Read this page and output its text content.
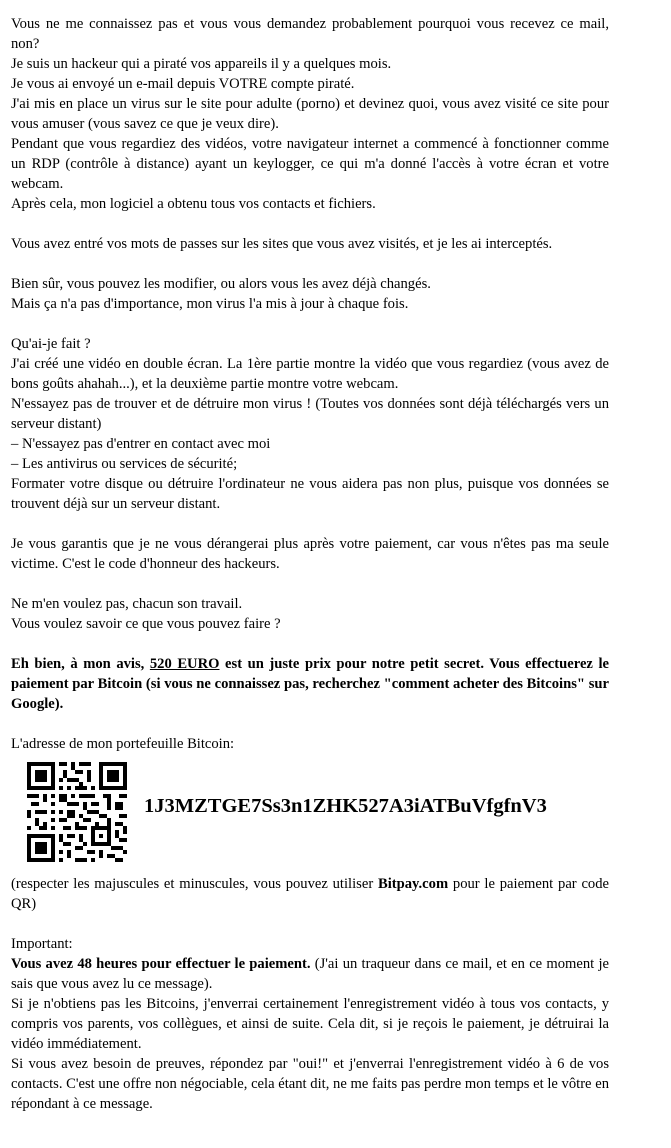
Vous ne me connaissez pas et vous vous demandez probablement pourquoi vous recevez ce mail, non?

Je suis un hackeur qui a piraté vos appareils il y a quelques mois.

Je vous ai envoyé un e-mail depuis VOTRE compte piraté.

J'ai mis en place un virus sur le site pour adulte (porno) et devinez quoi, vous avez visité ce site pour vous amuser (vous savez ce que je veux dire).

Pendant que vous regardiez des vidéos, votre navigateur internet a commencé à fonctionner comme un RDP (contrôle à distance) ayant un keylogger, ce qui m'a donné l'accès à votre écran et votre webcam.

Après cela, mon logiciel a obtenu tous vos contacts et fichiers.

Vous avez entré vos mots de passes sur les sites que vous avez visités, et je les ai interceptés.

Bien sûr, vous pouvez les modifier, ou alors vous les avez déjà changés.

Mais ça n'a pas d'importance, mon virus l'a mis à jour à chaque fois.

Qu'ai-je fait ?

J'ai créé une vidéo en double écran. La 1ère partie montre la vidéo que vous regardiez (vous avez de bons goûts ahahah...), et la deuxième partie montre votre webcam.

N'essayez pas de trouver et de détruire mon virus ! (Toutes vos données sont déjà téléchargés vers un serveur distant)

– N'essayez pas d'entrer en contact avec moi

– Les antivirus ou services de sécurité;

Formater votre disque ou détruire l'ordinateur ne vous aidera pas non plus, puisque vos données se trouvent déjà sur un serveur distant.

Je vous garantis que je ne vous dérangerai plus après votre paiement, car vous n'êtes pas ma seule victime. C'est le code d'honneur des hackeurs.

Ne m'en voulez pas, chacun son travail.

Vous voulez savoir ce que vous pouvez faire ?

Eh bien, à mon avis, 520 EURO est un juste prix pour notre petit secret. Vous effectuerez le paiement par Bitcoin (si vous ne connaissez pas, recherchez "comment acheter des Bitcoins" sur Google).

L'adresse de mon portefeuille Bitcoin:

1J3MZTGE7Ss3n1ZHK527A3iATBuVfgfnV3

(respecter les majuscules et minuscules, vous pouvez utiliser Bitpay.com pour le paiement par code QR)

Important:

Vous avez 48 heures pour effectuer le paiement. (J'ai un traqueur dans ce mail, et en ce moment je sais que vous avez lu ce message).

Si je n'obtiens pas les Bitcoins, j'enverrai certainement l'enregistrement vidéo à tous vos contacts, y compris vos parents, vos collègues, et ainsi de suite. Cela dit, si je reçois le paiement, je détruirai la vidéo immédiatement.

Si vous avez besoin de preuves, répondez par "oui!" et j'enverrai l'enregistrement vidéo à 6 de vos contacts. C'est une offre non négociable, cela étant dit, ne me faits pas perdre mon temps et le vôtre en répondant à ce message.
